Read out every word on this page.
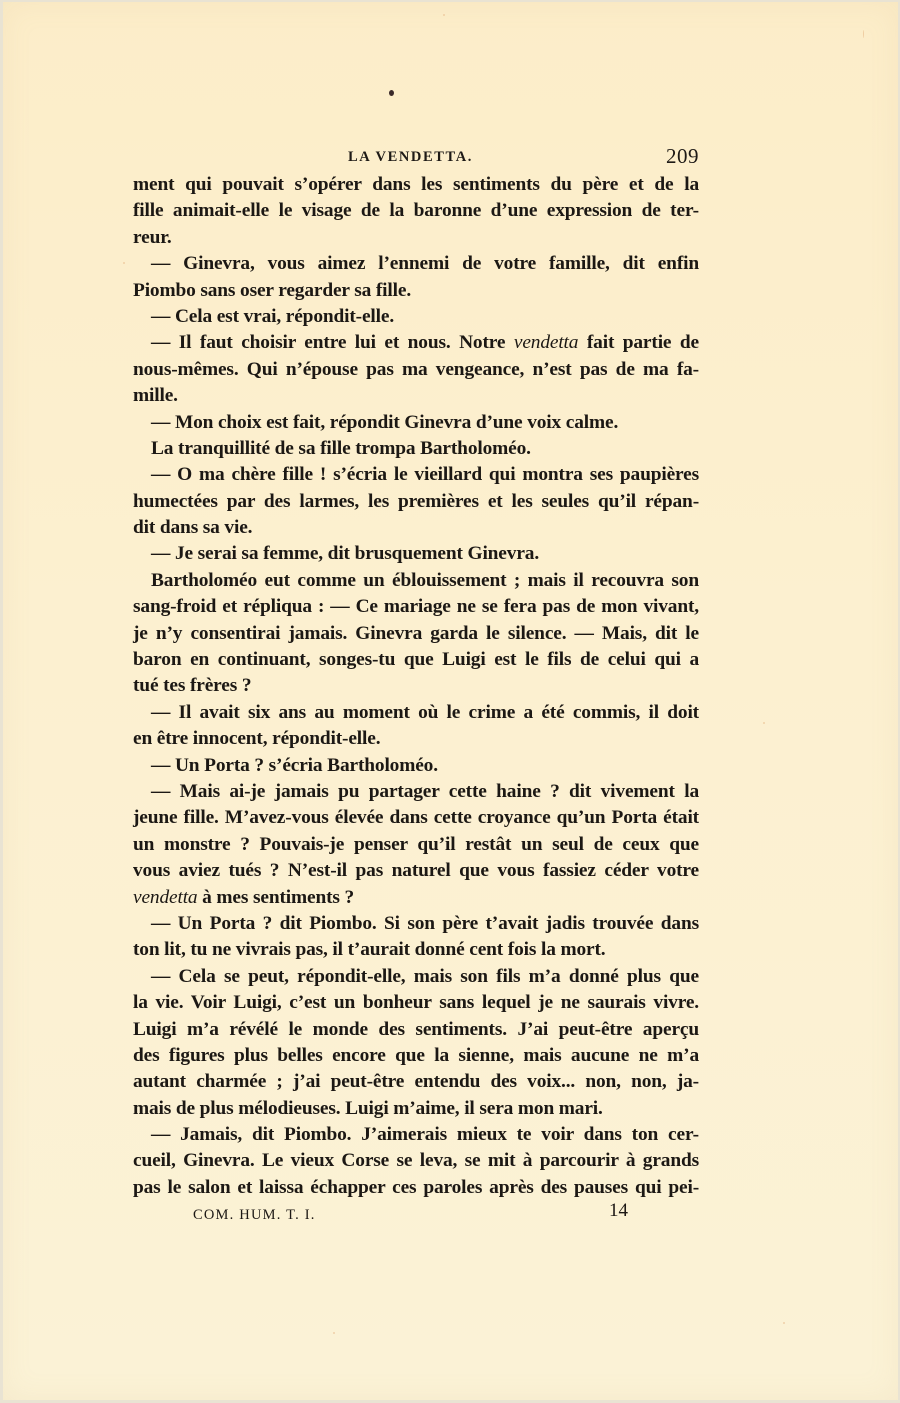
LA VENDETTA.	209
ment qui pouvait s’opérer dans les sentiments du père et de la
fille animait-elle le visage de la baronne d’une expression de ter-
reur.
— Ginevra, vous aimez l’ennemi de votre famille, dit enfin
Piombo sans oser regarder sa fille.
— Cela est vrai, répondit-elle.
— Il faut choisir entre lui et nous. Notre vendetta fait partie de
nous-mêmes. Qui n’épouse pas ma vengeance, n’est pas de ma fa-
mille.
— Mon choix est fait, répondit Ginevra d’une voix calme.
La tranquillité de sa fille trompa Bartholoméo.
— O ma chère fille ! s’écria le vieillard qui montra ses paupières
humectées par des larmes, les premières et les seules qu’il répan-
dit dans sa vie.
— Je serai sa femme, dit brusquement Ginevra.
Bartholoméo eut comme un éblouissement ; mais il recouvra son
sang-froid et répliqua : — Ce mariage ne se fera pas de mon vivant,
je n’y consentirai jamais. Ginevra garda le silence. — Mais, dit le
baron en continuant, songes-tu que Luigi est le fils de celui qui a
tué tes frères ?
— Il avait six ans au moment où le crime a été commis, il doit
en être innocent, répondit-elle.
— Un Porta ? s’écria Bartholoméo.
— Mais ai-je jamais pu partager cette haine ? dit vivement la
jeune fille. M’avez-vous élevée dans cette croyance qu’un Porta était
un monstre ? Pouvais-je penser qu’il restât un seul de ceux que
vous aviez tués ? N’est-il pas naturel que vous fassiez céder votre
vendetta à mes sentiments ?
— Un Porta ? dit Piombo. Si son père t’avait jadis trouvée dans
ton lit, tu ne vivrais pas, il t’aurait donné cent fois la mort.
— Cela se peut, répondit-elle, mais son fils m’a donné plus que
la vie. Voir Luigi, c’est un bonheur sans lequel je ne saurais vivre.
Luigi m’a révélé le monde des sentiments. J’ai peut-être aperçu
des figures plus belles encore que la sienne, mais aucune ne m’a
autant charmée ; j’ai peut-être entendu des voix... non, non, ja-
mais de plus mélodieuses. Luigi m’aime, il sera mon mari.
— Jamais, dit Piombo. J’aimerais mieux te voir dans ton cer-
cueil, Ginevra. Le vieux Corse se leva, se mit à parcourir à grands
pas le salon et laissa échapper ces paroles après des pauses qui pei-
COM. HUM. T. I.	14
